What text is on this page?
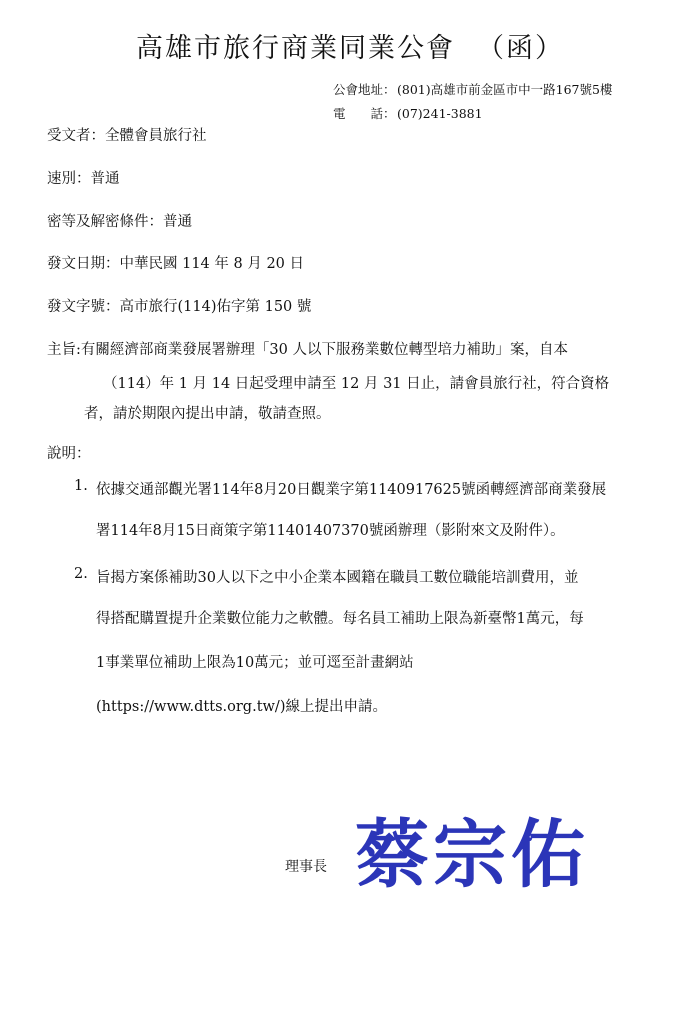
高雄市旅行商業同業公會 （函）
公會地址：(801)高雄市前金區市中一路167號5樓
電　　話：(07)241-3881
受文者：全體會員旅行社
速別：普通
密等及解密條件：普通
發文日期：中華民國 114 年 8 月 20 日
發文字號：高市旅行(114)佑字第 150 號
主旨:有關經濟部商業發展署辦理「30 人以下服務業數位轉型培力補助」案，自本
（114）年 1 月 14 日起受理申請至 12 月 31 日止，請會員旅行社，符合資格
者，請於期限內提出申請，敬請查照。
說明：
1. 依據交通部觀光署114年8月20日觀業字第1140917625號函轉經濟部商業發展
署114年8月15日商策字第11401407370號函辦理（影附來文及附件）。
2. 旨揭方案係補助30人以下之中小企業本國籍在職員工數位職能培訓費用，並
得搭配購置提升企業數位能力之軟體。每名員工補助上限為新臺幣1萬元，每
1事業單位補助上限為10萬元；並可逕至計畫網站
(https://www.dtts.org.tw/)線上提出申請。
理事長 蔡宗佑
